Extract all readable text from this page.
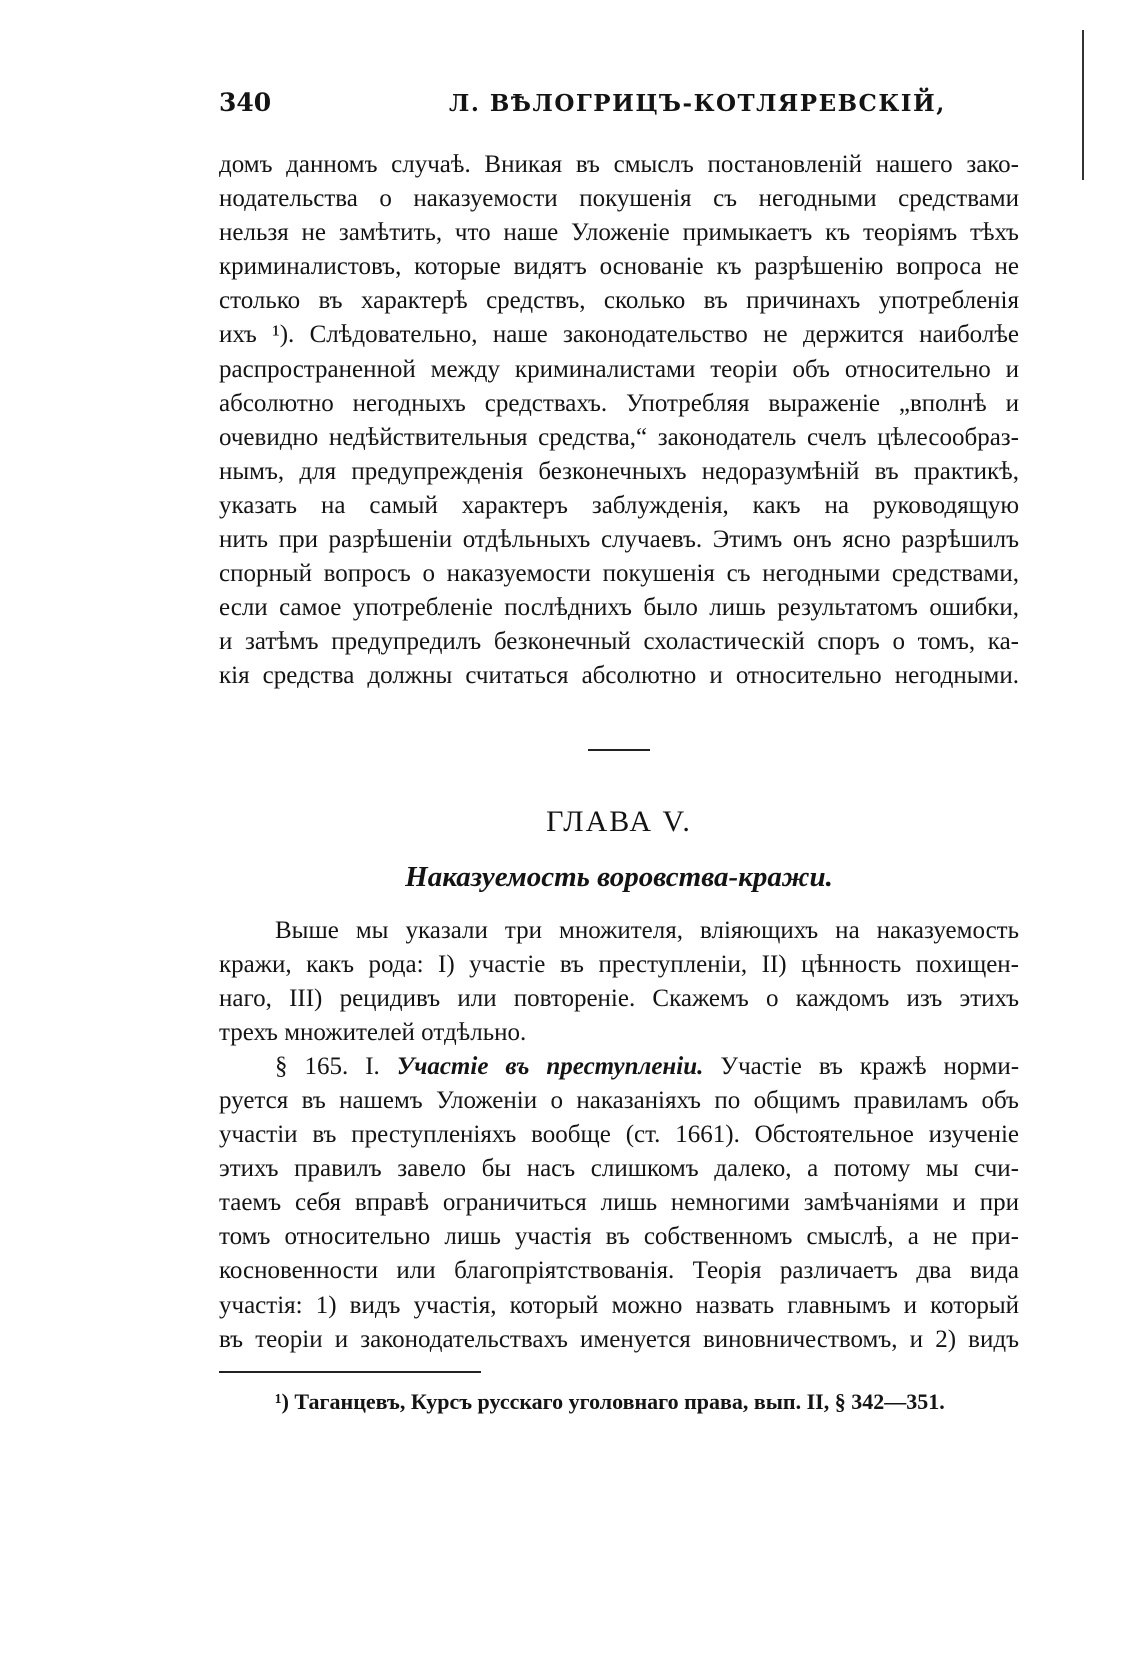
340	Л. ВѢЛОГРИЦЪ-КОТЛЯРЕВСКІЙ,
домъ данномъ случаѣ. Вникая въ смыслъ постановленій нашего зако-
нодательства о наказуемости покушенія съ негодными средствами
нельзя не замѣтить, что наше Уложеніе примыкаетъ къ теоріямъ тѣхъ
криминалистовъ, которые видятъ основаніе къ разрѣшенію вопроса не
столько въ характерѣ средствъ, сколько въ причинахъ употребленія
ихъ ¹). Слѣдовательно, наше законодательство не держится наиболѣе
распространенной между криминалистами теоріи объ относительно и
абсолютно негодныхъ средствахъ. Употребляя выраженіе „вполнѣ и
очевидно недѣйствительныя средства,“ законодатель счелъ цѣлесообраз-
нымъ, для предупрежденія безконечныхъ недоразумѣній въ практикѣ,
указать на самый характеръ заблужденія, какъ на руководящую
нить при разрѣшеніи отдѣльныхъ случаевъ. Этимъ онъ ясно разрѣшилъ
спорный вопросъ о наказуемости покушенія съ негодными средствами,
если самое употребленіе послѣднихъ было лишь результатомъ ошибки,
и затѣмъ предупредилъ безконечный схоластическій споръ о томъ, ка-
кія средства должны считаться абсолютно и относительно негодными.
ГЛАВА V.
Наказуемость воровства-кражи.
Выше мы указали три множителя, вліяющихъ на наказуемость
кражи, какъ рода: I) участіе въ преступленіи, II) цѣнность похищен-
наго, III) рецидивъ или повтореніе. Скажемъ о каждомъ изъ этихъ
трехъ множителей отдѣльно.
§ 165. I. Участіе въ преступленіи. Участіе въ кражѣ норми-
руется въ нашемъ Уложеніи о наказаніяхъ по общимъ правиламъ объ
участіи въ преступленіяхъ вообще (ст. 1661). Обстоятельное изученіе
этихъ правилъ завело бы насъ слишкомъ далеко, а потому мы счи-
таемъ себя вправѣ ограничиться лишь немногими замѣчаніями и при
томъ относительно лишь участія въ собственномъ смыслѣ, а не при-
косновенности или благопріятствованія. Теорія различаетъ два вида
участія: 1) видъ участія, который можно назвать главнымъ и который
въ теоріи и законодательствахъ именуется виновничествомъ, и 2) видъ
¹) Таганцевъ, Курсъ русскаго уголовнаго права, вып. II, § 342—351.
